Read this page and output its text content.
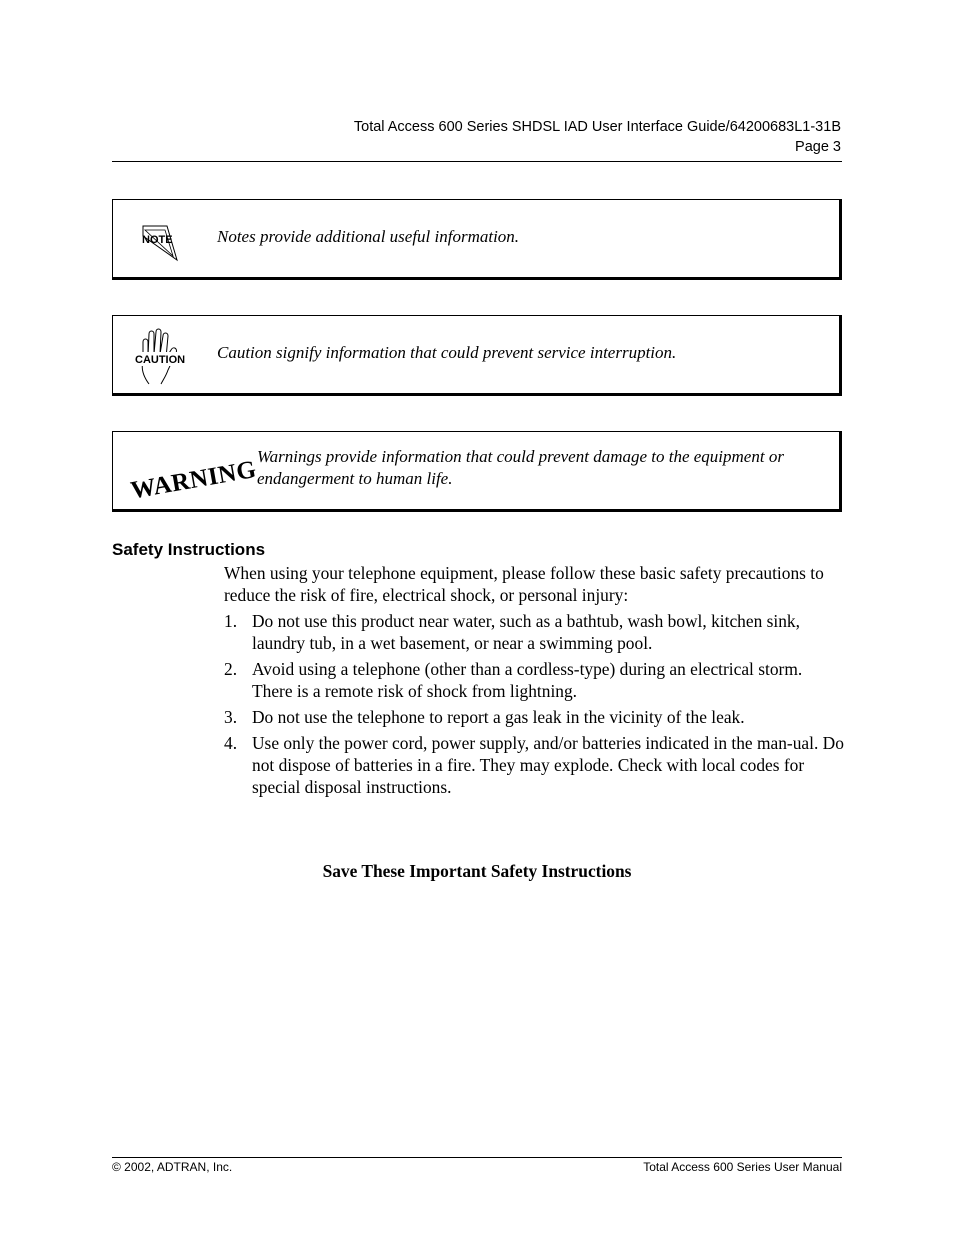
Total Access 600 Series SHDSL IAD User Interface Guide/64200683L1-31B
Page 3
NOTE	Notes provide additional useful information.
CAUTION Caution signify information that could prevent service interruption.
WARNING
Warnings provide information that could prevent damage to the equipment or endangerment to human life.
Safety Instructions
When using your telephone equipment, please follow these basic safety precautions to reduce the risk of fire, electrical shock, or personal injury:
1. Do not use this product near water, such as a bathtub, wash bowl, kitchen sink, laundry tub, in a wet basement, or near a swimming pool.
2. Avoid using a telephone (other than a cordless-type) during an electrical storm. There is a remote risk of shock from lightning.
3. Do not use the telephone to report a gas leak in the vicinity of the leak.
4. Use only the power cord, power supply, and/or batteries indicated in the man-ual. Do not dispose of batteries in a fire. They may explode. Check with local codes for special disposal instructions.
Save These Important Safety Instructions
© 2002, ADTRAN, Inc.	Total Access 600 Series User Manual
